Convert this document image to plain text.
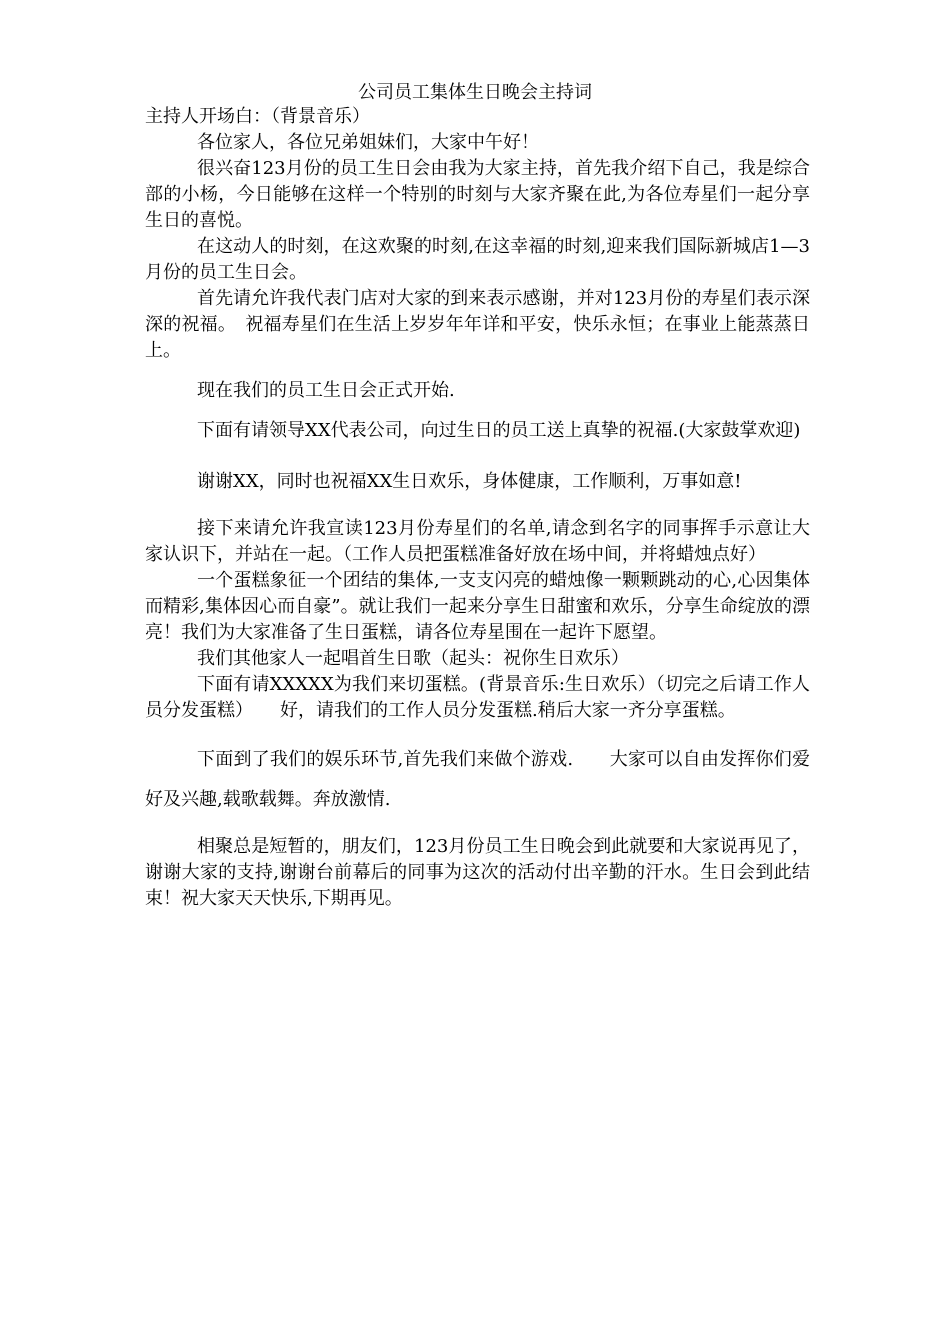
公司员工集体生日晚会主持词

主持人开场白：（背景音乐）

各位家人，各位兄弟姐妹们，大家中午好！

很兴奋123月份的员工生日会由我为大家主持，首先我介绍下自己，我是综合部的小杨，今日能够在这样一个特别的时刻与大家齐聚在此,为各位寿星们一起分享生日的喜悦。

在这动人的时刻，在这欢聚的时刻,在这幸福的时刻,迎来我们国际新城店1—3月份的员工生日会。

首先请允许我代表门店对大家的到来表示感谢，并对123月份的寿星们表示深深的祝福。　祝福寿星们在生活上岁岁年年详和平安，快乐永恒；在事业上能蒸蒸日上。

现在我们的员工生日会正式开始.

下面有请领导XX代表公司，向过生日的员工送上真挚的祝福.(大家鼓掌欢迎)

谢谢XX，同时也祝福XX生日欢乐，身体健康，工作顺利，万事如意!

接下来请允许我宣读123月份寿星们的名单,请念到名字的同事挥手示意让大家认识下，并站在一起。（工作人员把蛋糕准备好放在场中间，并将蜡烛点好）

一个蛋糕象征一个团结的集体,一支支闪亮的蜡烛像一颗颗跳动的心,心因集体而精彩,集体因心而自豪”。就让我们一起来分享生日甜蜜和欢乐，分享生命绽放的漂亮！我们为大家准备了生日蛋糕，请各位寿星围在一起许下愿望。

我们其他家人一起唱首生日歌（起头：祝你生日欢乐）

下面有请XXXXX为我们来切蛋糕。(背景音乐:生日欢乐）（切完之后请工作人员分发蛋糕）　　好，请我们的工作人员分发蛋糕.稍后大家一齐分享蛋糕。

下面到了我们的娱乐环节,首先我们来做个游戏.　　大家可以自由发挥你们爱好及兴趣,载歌载舞。奔放激情.

相聚总是短暂的，朋友们，123月份员工生日晚会到此就要和大家说再见了，谢谢大家的支持,谢谢台前幕后的同事为这次的活动付出辛勤的汗水。生日会到此结束！祝大家天天快乐,下期再见。
